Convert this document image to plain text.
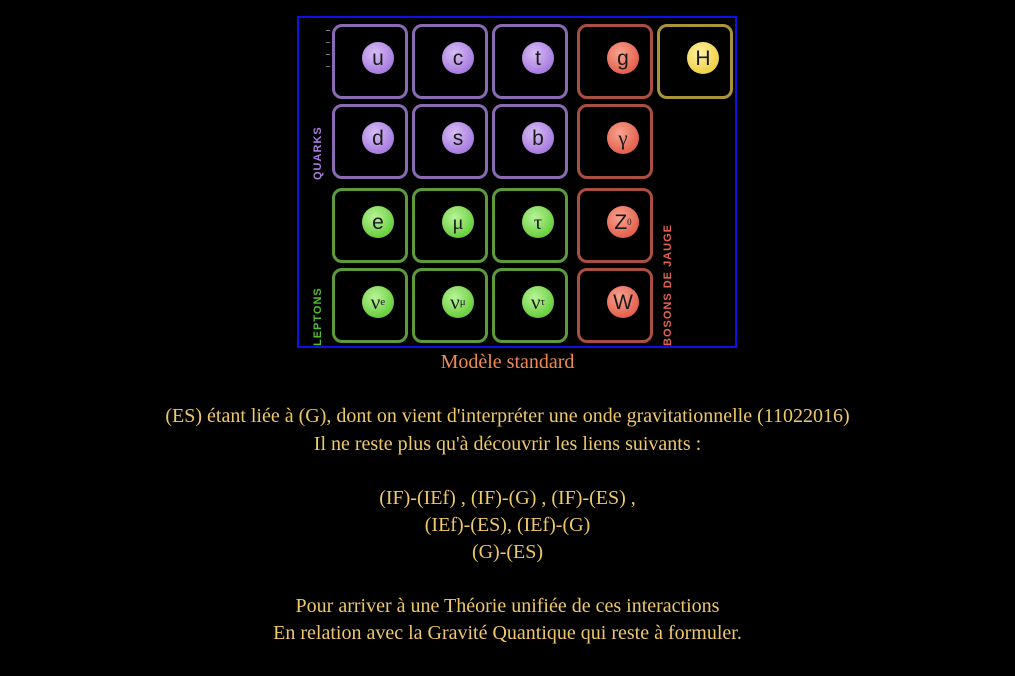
u	c	t	g	H
d	s	b	γ
e	μ	τ	Z 0
ν e	ν μ	ν τ	W
QUARKS
LEPTONS	BOSONS DE JAUGE
Modèle standard
(ES) étant liée à (G), dont on vient d'interpréter une onde gravitationnelle (11022016)
Il ne reste plus qu'à découvrir les liens suivants :
(IF)-(IEf) , (IF)-(G) , (IF)-(ES) ,
(IEf)-(ES), (IEf)-(G)
(G)-(ES)
Pour arriver à une Théorie unifiée de ces interactions
En relation avec la Gravité Quantique qui reste à formuler.
